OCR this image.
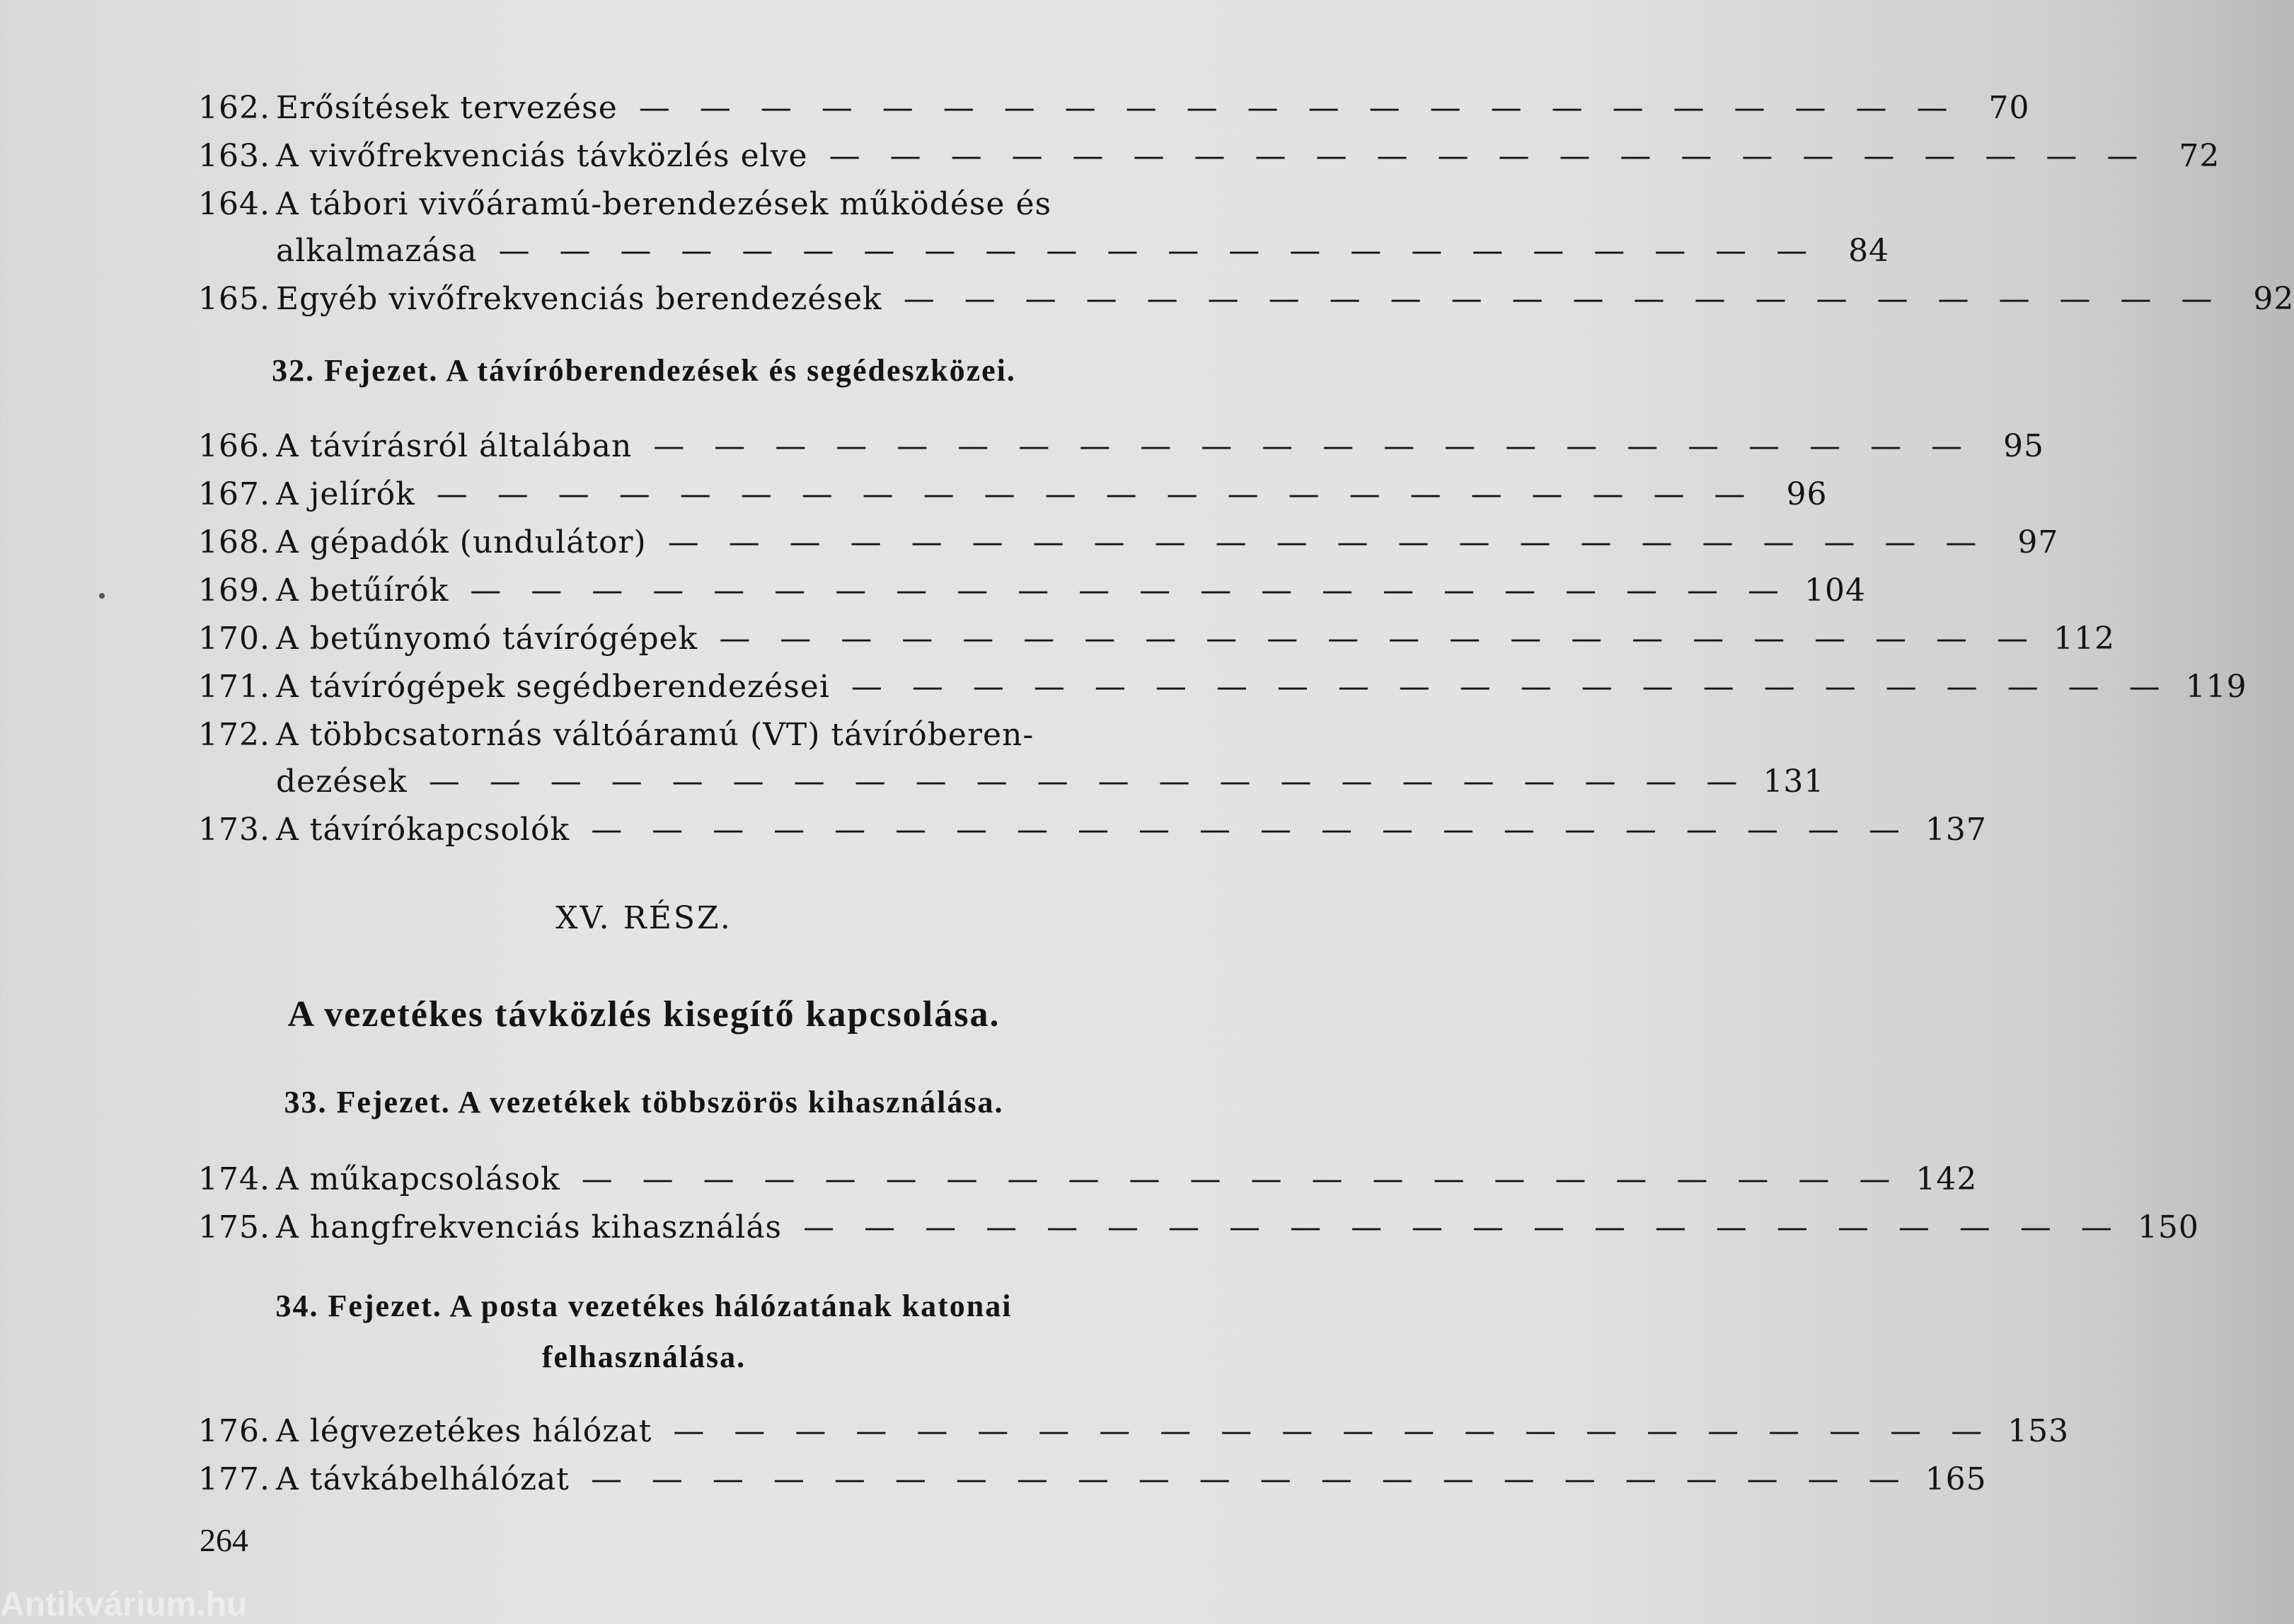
162. Erősítések tervezése — — — — — — — — — — — — — — — — — — — — — —	70
163. A vivőfrekvenciás távközlés elve — — — — — — — — — — — — — — — — — — — — — —	72
164. A tábori vivőáramú-berendezések működése és
alkalmazása — — — — — — — — — — — — — — — — — — — — — —	84
165. Egyéb vivőfrekvenciás berendezések — — — — — — — — — — — — — — — — — — — — — —	92
32. Fejezet. A távíróberendezések és segédeszközei.
166. A távírásról általában — — — — — — — — — — — — — — — — — — — — — —	95
167. A jelírók — — — — — — — — — — — — — — — — — — — — — —	96
168. A gépadók (undulátor) — — — — — — — — — — — — — — — — — — — — — —	97
169. A betűírók — — — — — — — — — — — — — — — — — — — — — — 104
170. A betűnyomó távírógépek — — — — — — — — — — — — — — — — — — — — — — 112
171. A távírógépek segédberendezései — — — — — — — — — — — — — — — — — — — — — — 119
172. A többcsatornás váltóáramú (VT) távíróberen-
dezések — — — — — — — — — — — — — — — — — — — — — — 131
173. A távírókapcsolók — — — — — — — — — — — — — — — — — — — — — — 137
XV. RÉSZ.
A vezetékes távközlés kisegítő kapcsolása.
33. Fejezet. A vezetékek többszörös kihasználása.
174. A műkapcsolások — — — — — — — — — — — — — — — — — — — — — — 142
175. A hangfrekvenciás kihasználás — — — — — — — — — — — — — — — — — — — — — — 150
34. Fejezet. A posta vezetékes hálózatának katonai
felhasználása.
176. A légvezetékes hálózat — — — — — — — — — — — — — — — — — — — — — — 153
177. A távkábelhálózat — — — — — — — — — — — — — — — — — — — — — — 165
264
Antikvárium.hu
